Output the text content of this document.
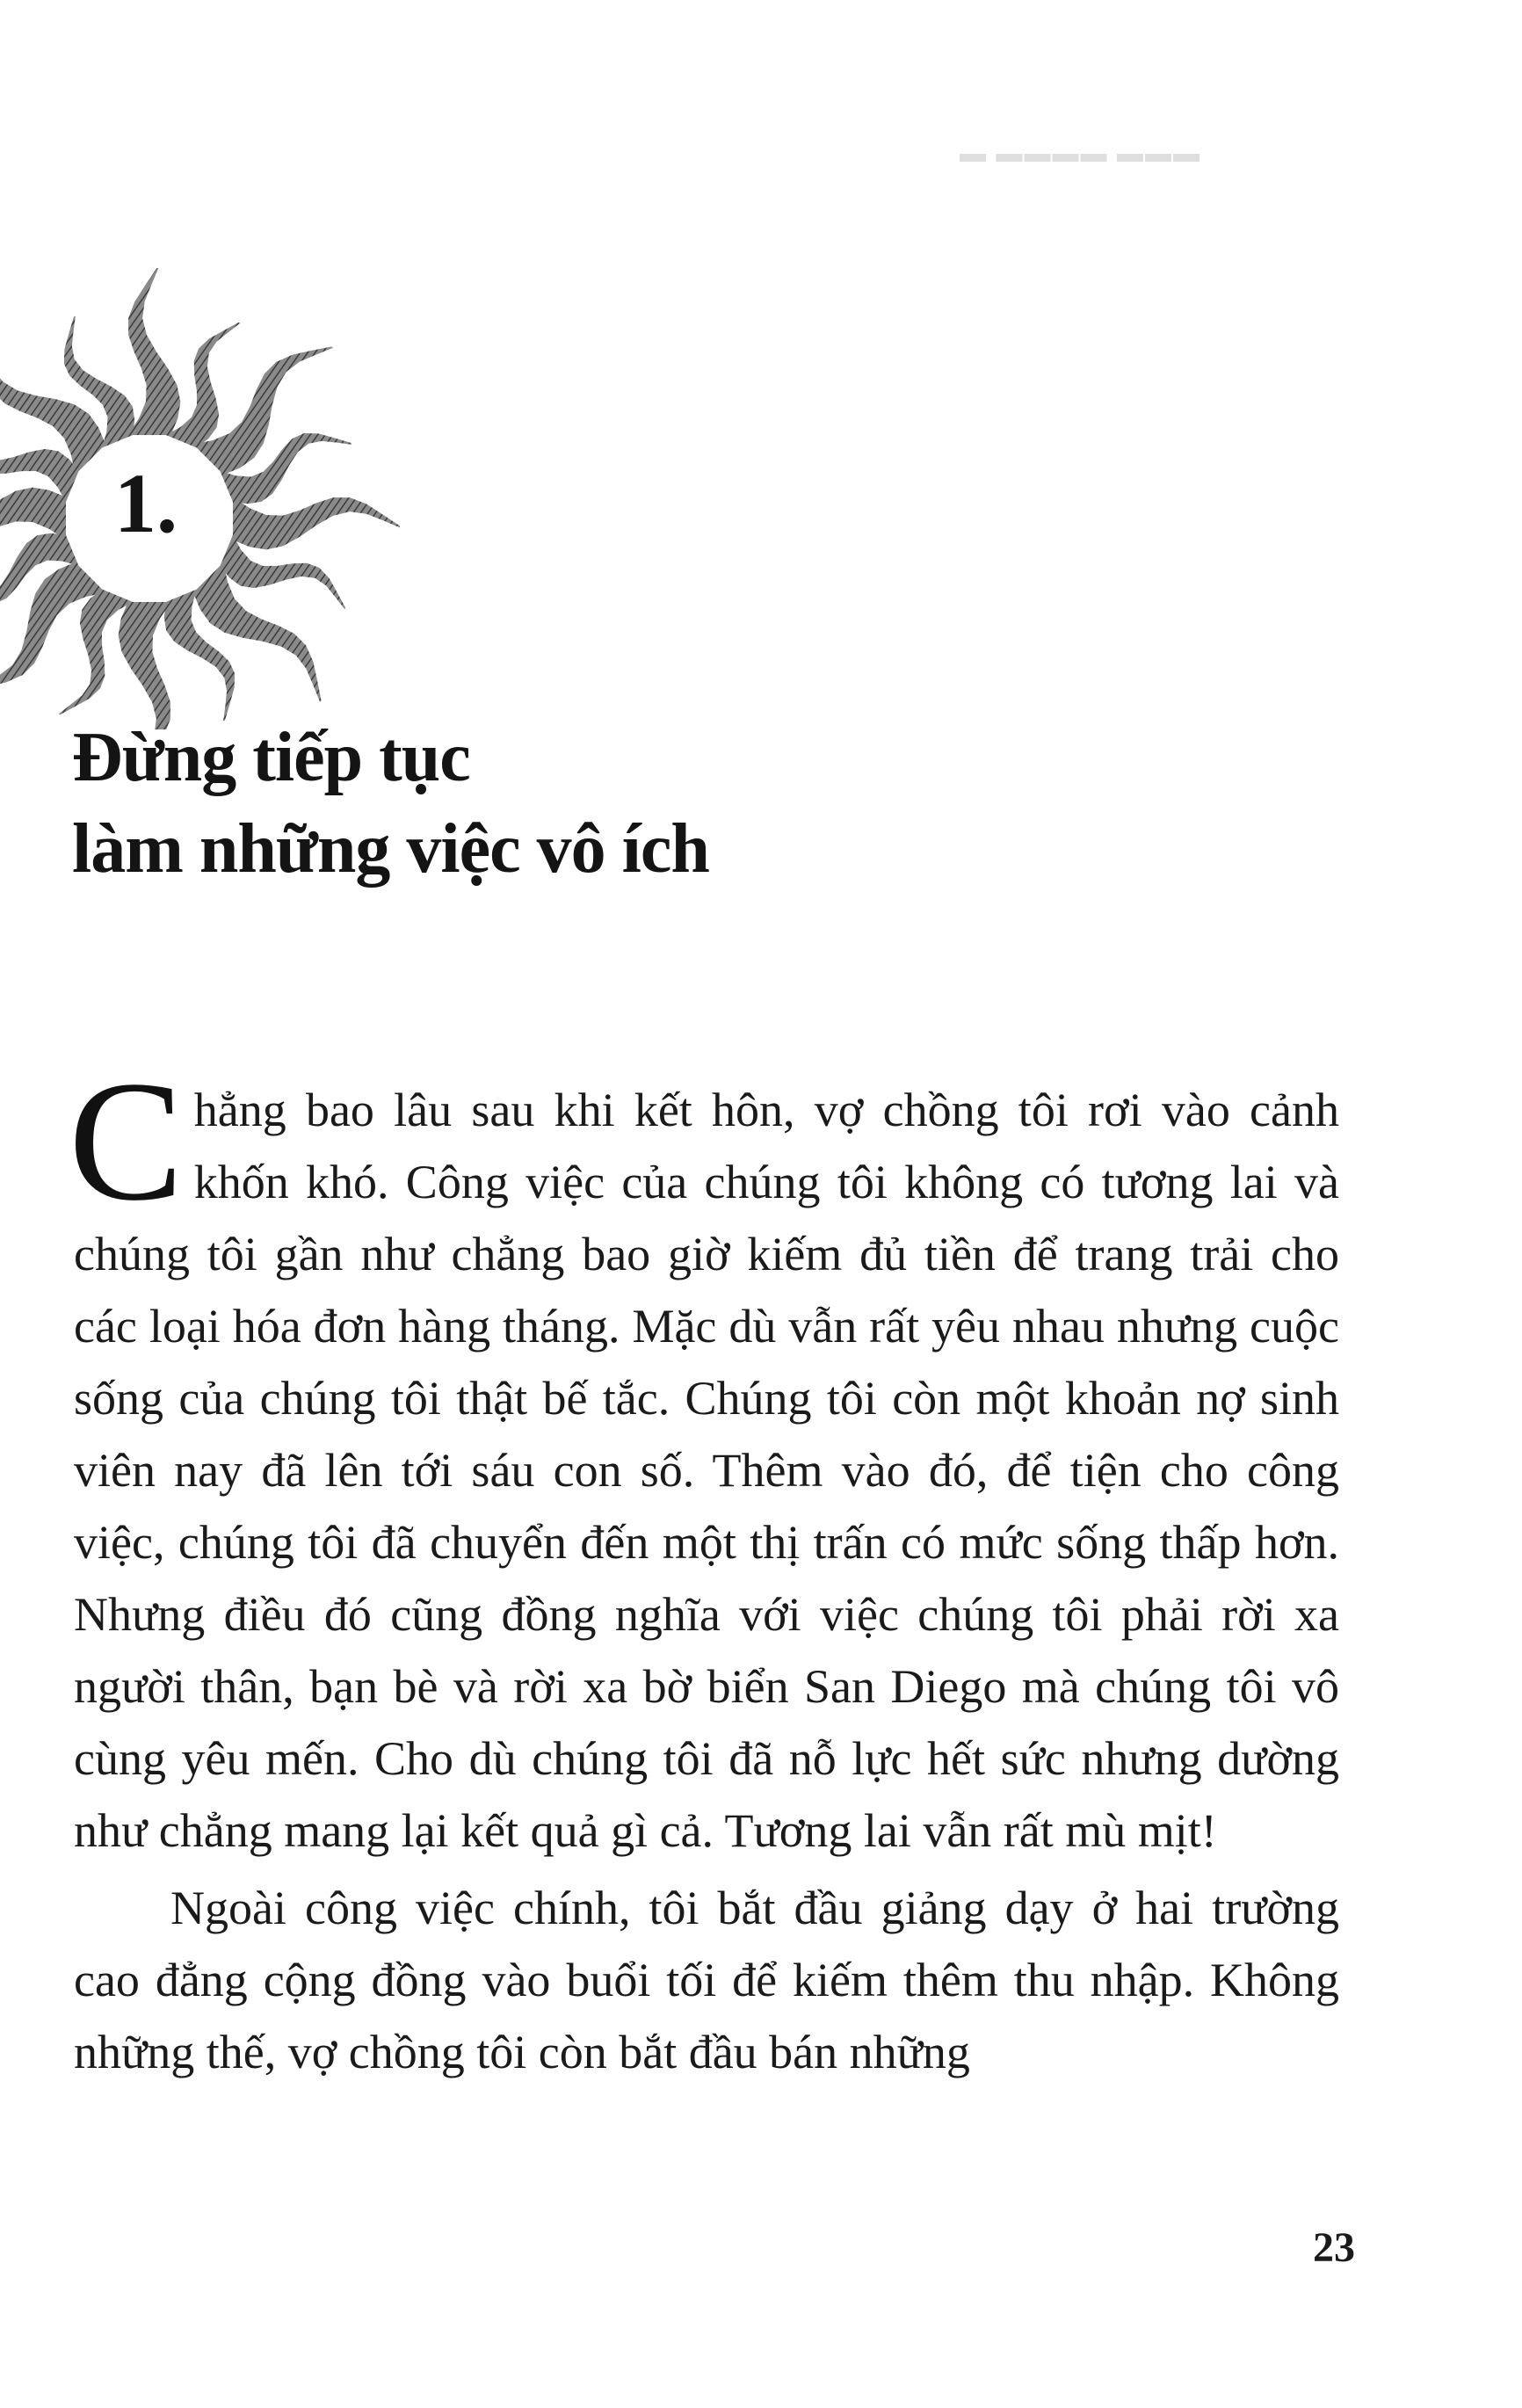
▬▬▬ ▬▬▬▬ ▬
1.
Đừng tiếp tục
làm những việc vô ích

Chẳng bao lâu sau khi kết hôn, vợ chồng tôi rơi vào cảnh khốn khó. Công việc của chúng tôi không có tương lai và chúng tôi gần như chẳng bao giờ kiếm đủ tiền để trang trải cho các loại hóa đơn hàng tháng. Mặc dù vẫn rất yêu nhau nhưng cuộc sống của chúng tôi thật bế tắc. Chúng tôi còn một khoản nợ sinh viên nay đã lên tới sáu con số. Thêm vào đó, để tiện cho công việc, chúng tôi đã chuyển đến một thị trấn có mức sống thấp hơn. Nhưng điều đó cũng đồng nghĩa với việc chúng tôi phải rời xa người thân, bạn bè và rời xa bờ biển San Diego mà chúng tôi vô cùng yêu mến. Cho dù chúng tôi đã nỗ lực hết sức nhưng dường như chẳng mang lại kết quả gì cả. Tương lai vẫn rất mù mịt!

Ngoài công việc chính, tôi bắt đầu giảng dạy ở hai trường cao đẳng cộng đồng vào buổi tối để kiếm thêm thu nhập. Không những thế, vợ chồng tôi còn bắt đầu bán những

23
